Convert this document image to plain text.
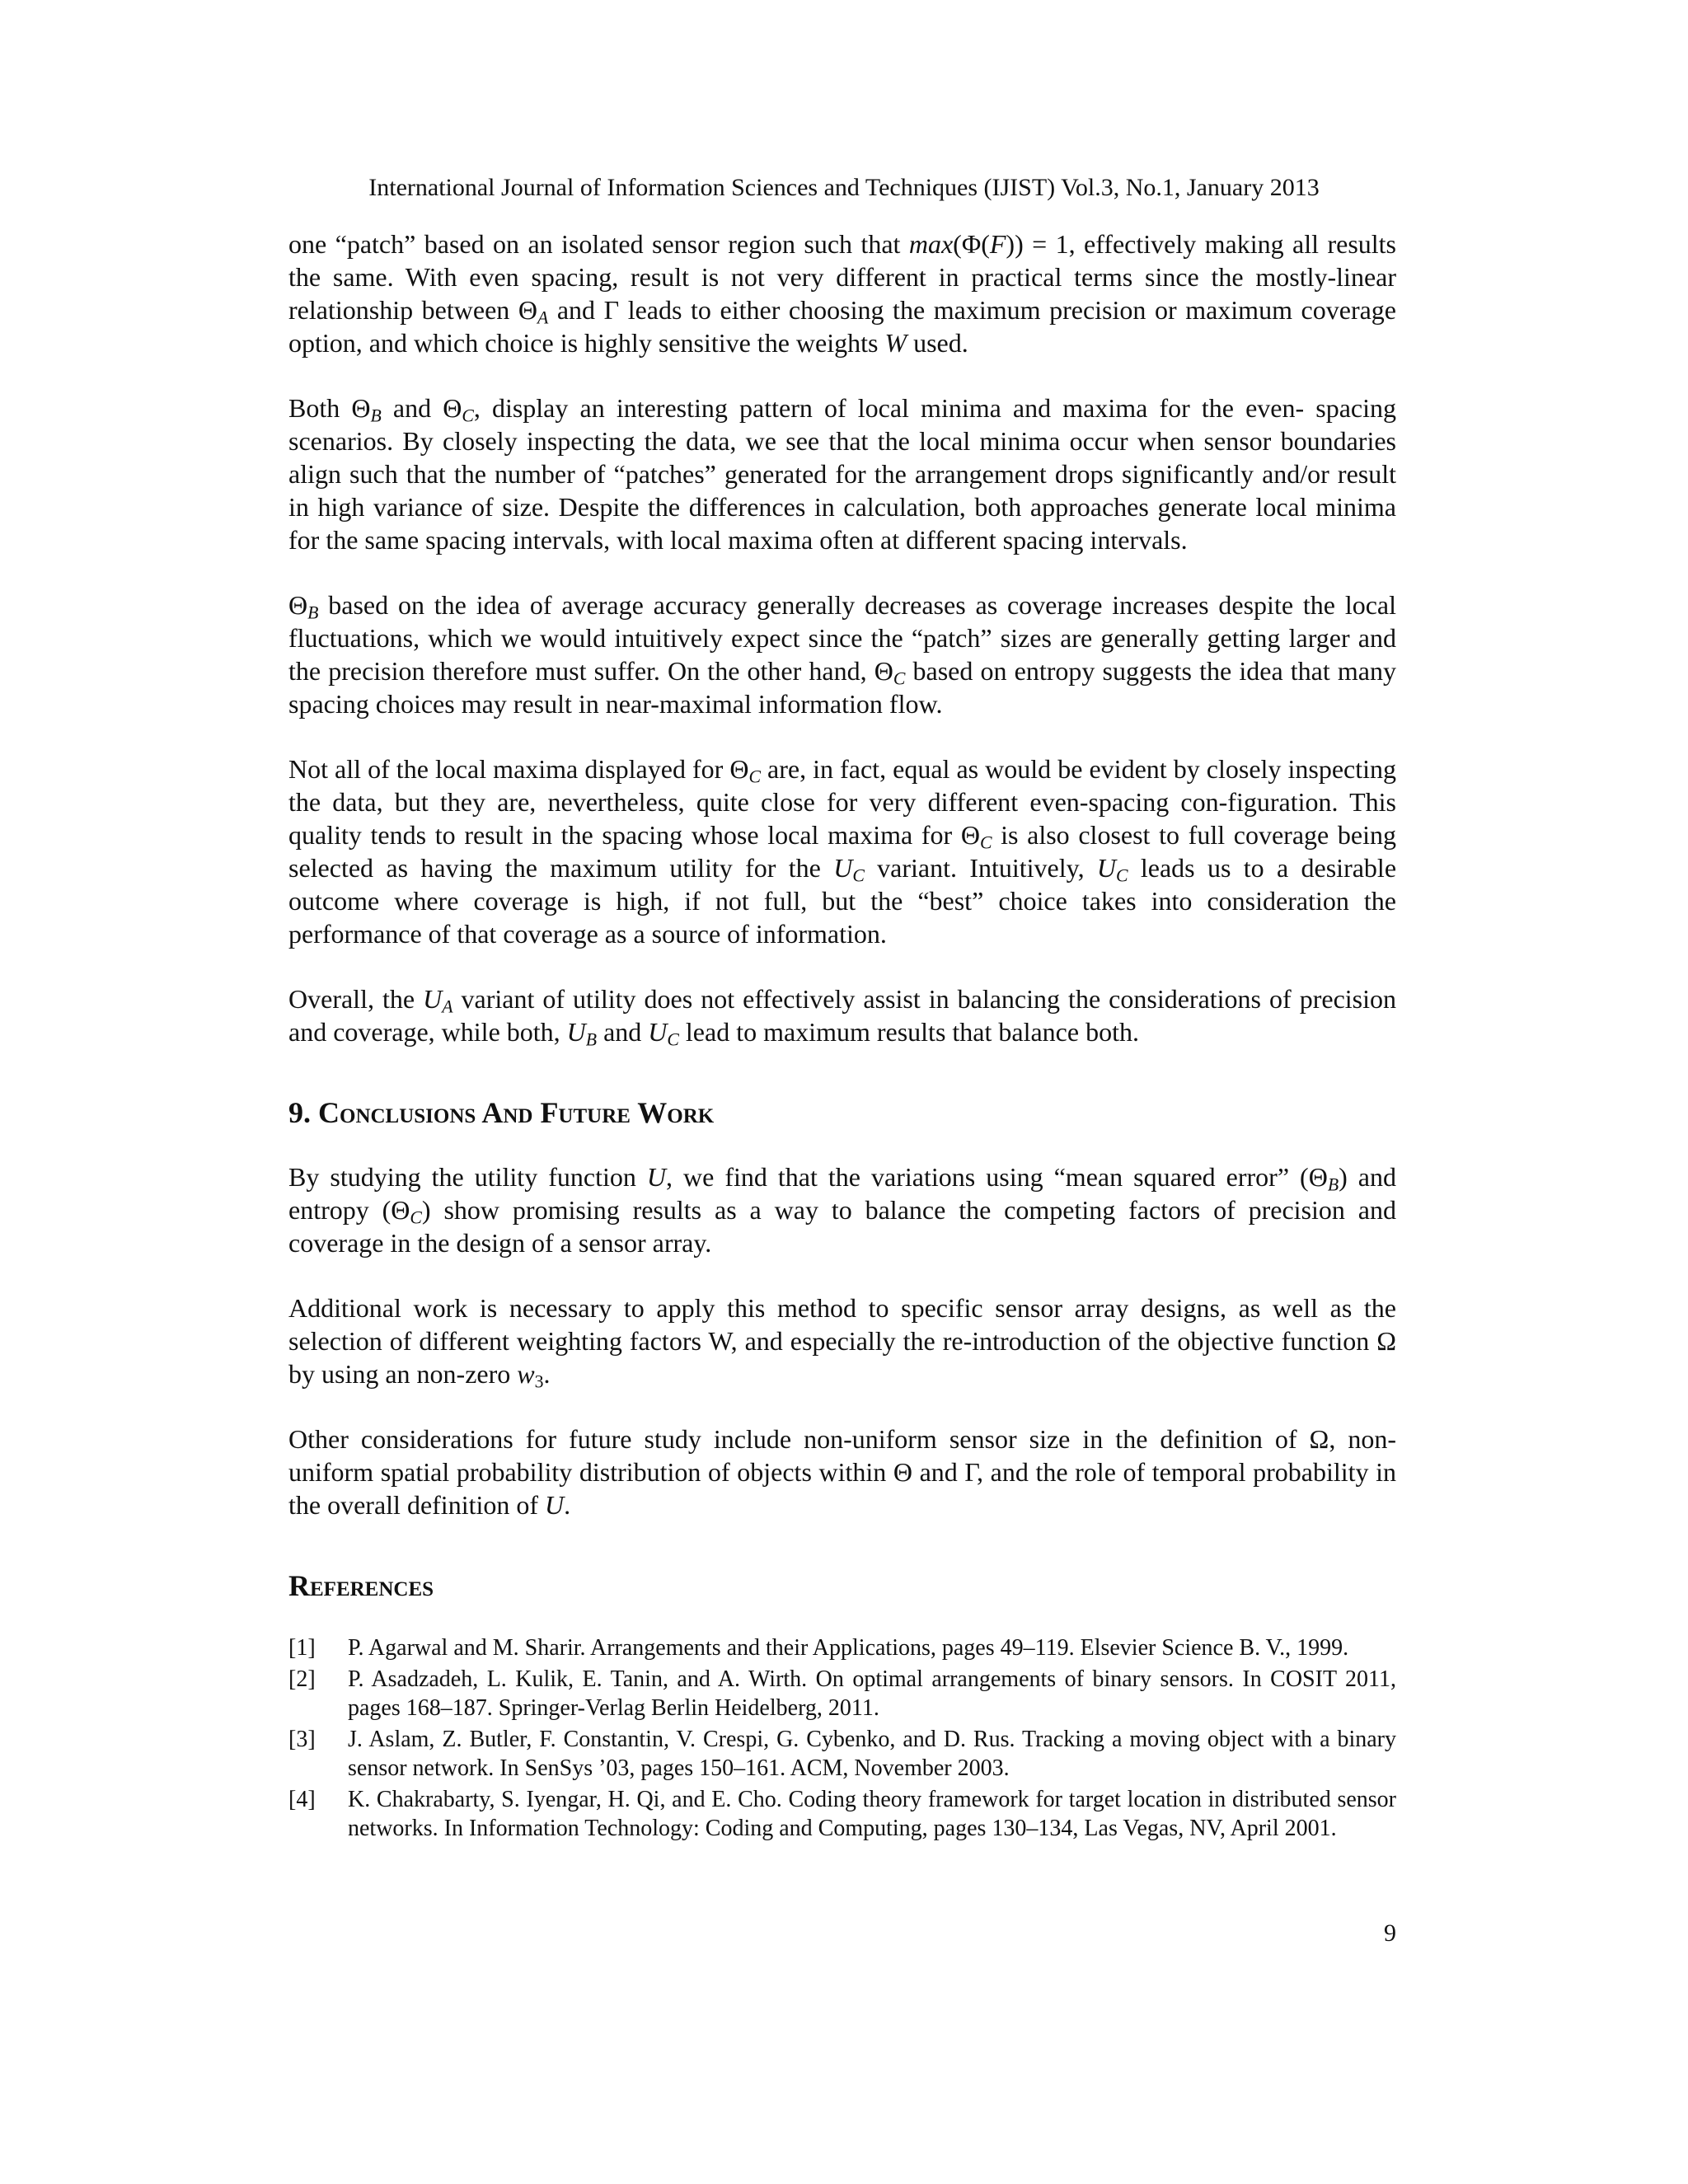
International Journal of Information Sciences and Techniques (IJIST) Vol.3, No.1, January 2013

one “patch” based on an isolated sensor region such that max(Φ(F)) = 1, effectively making all results the same. With even spacing, result is not very different in practical terms since the mostly-linear relationship between $\Theta_A$ and Γ leads to either choosing the maximum precision or maximum coverage option, and which choice is highly sensitive the weights W used.

Both $\Theta_B$ and $\Theta_C$, display an interesting pattern of local minima and maxima for the even- spacing scenarios. By closely inspecting the data, we see that the local minima occur when sensor boundaries align such that the number of “patches” generated for the arrangement drops significantly and/or result in high variance of size. Despite the differences in calculation, both approaches generate local minima for the same spacing intervals, with local maxima often at different spacing intervals.

$\Theta_B$ based on the idea of average accuracy generally decreases as coverage increases despite the local fluctuations, which we would intuitively expect since the “patch” sizes are generally getting larger and the precision therefore must suffer. On the other hand, $\Theta_C$ based on entropy suggests the idea that many spacing choices may result in near-maximal information flow.

Not all of the local maxima displayed for $\Theta_C$ are, in fact, equal as would be evident by closely inspecting the data, but they are, nevertheless, quite close for very different even-spacing con-figuration. This quality tends to result in the spacing whose local maxima for $\Theta_C$ is also closest to full coverage being selected as having the maximum utility for the $U_C$ variant. Intuitively, $U_C$ leads us to a desirable outcome where coverage is high, if not full, but the “best” choice takes into consideration the performance of that coverage as a source of information.

Overall, the $U_A$ variant of utility does not effectively assist in balancing the considerations of precision and coverage, while both, $U_B$ and $U_C$ lead to maximum results that balance both.

9. Conclusions And Future Work

By studying the utility function U, we find that the variations using “mean squared error” $(\Theta_B)$ and entropy $(\Theta_C)$ show promising results as a way to balance the competing factors of precision and coverage in the design of a sensor array.

Additional work is necessary to apply this method to specific sensor array designs, as well as the selection of different weighting factors W, and especially the re-introduction of the objective function Ω by using an non-zero $w_3$.

Other considerations for future study include non-uniform sensor size in the definition of Ω, non-uniform spatial probability distribution of objects within Θ and Γ, and the role of temporal probability in the overall definition of U.

References
[1]	P. Agarwal and M. Sharir. Arrangements and their Applications, pages 49–119. Elsevier Science B. V., 1999.
[2]	P. Asadzadeh, L. Kulik, E. Tanin, and A. Wirth. On optimal arrangements of binary sensors. In COSIT 2011, pages 168–187. Springer-Verlag Berlin Heidelberg, 2011.
[3]	J. Aslam, Z. Butler, F. Constantin, V. Crespi, G. Cybenko, and D. Rus. Tracking a moving object with a binary sensor network. In SenSys ’03, pages 150–161. ACM, November 2003.
[4]	K. Chakrabarty, S. Iyengar, H. Qi, and E. Cho. Coding theory framework for target location in distributed sensor networks. In Information Technology: Coding and Computing, pages 130–134, Las Vegas, NV, April 2001.
9
